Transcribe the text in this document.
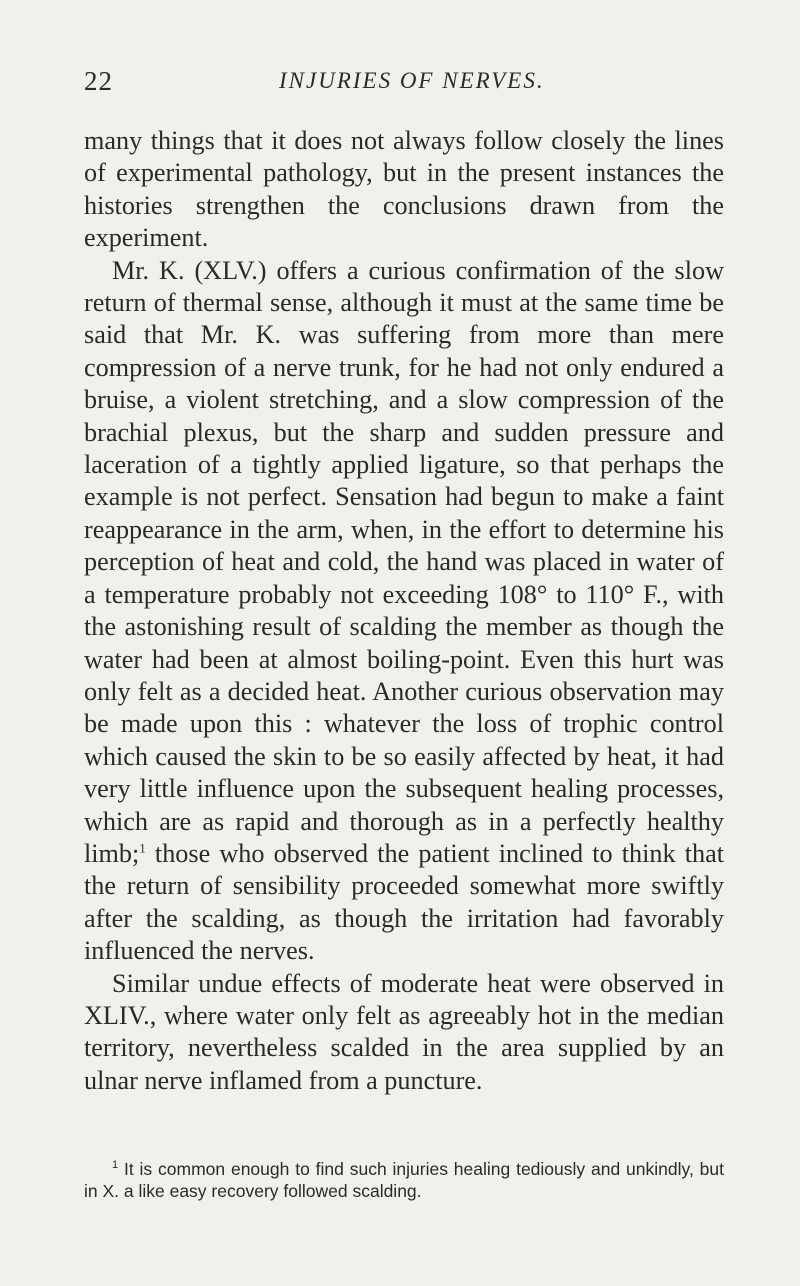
22	INJURIES OF NERVES.

many things that it does not always follow closely the lines of experimental pathology, but in the present instances the histories strengthen the conclusions drawn from the experiment.

Mr. K. (XLV.) offers a curious confirmation of the slow return of thermal sense, although it must at the same time be said that Mr. K. was suffering from more than mere compression of a nerve trunk, for he had not only endured a bruise, a violent stretching, and a slow compression of the brachial plexus, but the sharp and sudden pressure and laceration of a tightly applied ligature, so that perhaps the example is not perfect. Sensation had begun to make a faint reappearance in the arm, when, in the effort to determine his perception of heat and cold, the hand was placed in water of a temperature probably not exceeding 108° to 110° F., with the astonishing result of scalding the member as though the water had been at almost boiling-point. Even this hurt was only felt as a decided heat. Another curious observation may be made upon this : whatever the loss of trophic control which caused the skin to be so easily affected by heat, it had very little influence upon the subsequent healing processes, which are as rapid and thorough as in a perfectly healthy limb;$^1$ those who observed the patient inclined to think that the return of sensibility proceeded somewhat more swiftly after the scalding, as though the irritation had favorably influenced the nerves.

Similar undue effects of moderate heat were observed in XLIV., where water only felt as agreeably hot in the median territory, nevertheless scalded in the area supplied by an ulnar nerve inflamed from a puncture.

$^1$ It is common enough to find such injuries healing tediously and unkindly, but in X. a like easy recovery followed scalding.
